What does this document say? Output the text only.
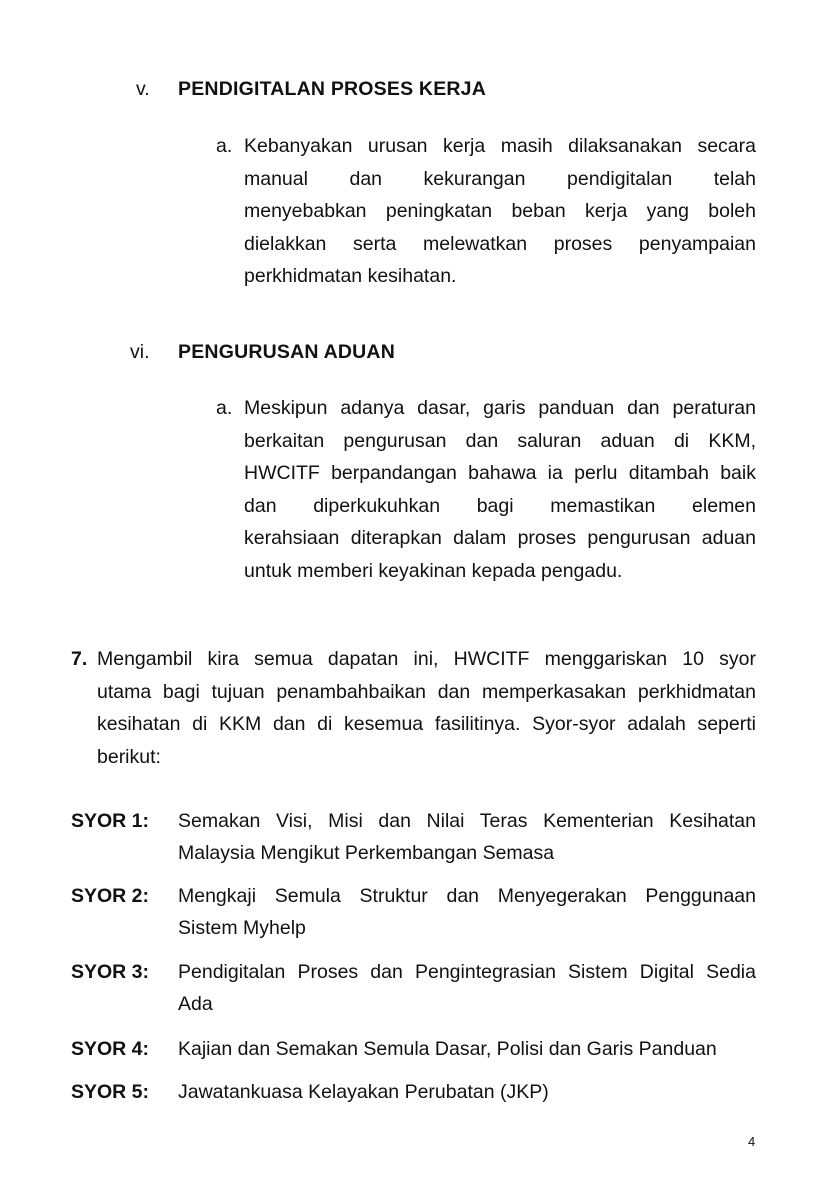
v. PENDIGITALAN PROSES KERJA
a. Kebanyakan urusan kerja masih dilaksanakan secara
manual dan kekurangan pendigitalan telah
menyebabkan peningkatan beban kerja yang boleh
dielakkan serta melewatkan proses penyampaian
perkhidmatan kesihatan.
vi. PENGURUSAN ADUAN
a. Meskipun adanya dasar, garis panduan dan peraturan
berkaitan pengurusan dan saluran aduan di KKM,
HWCITF berpandangan bahawa ia perlu ditambah baik
dan diperkukuhkan bagi memastikan elemen
kerahsiaan diterapkan dalam proses pengurusan aduan
untuk memberi keyakinan kepada pengadu.
7. Mengambil kira semua dapatan ini, HWCITF menggariskan 10 syor
utama bagi tujuan penambahbaikan dan memperkasakan perkhidmatan
kesihatan di KKM dan di kesemua fasilitinya. Syor-syor adalah seperti
berikut:
SYOR 1: Semakan Visi, Misi dan Nilai Teras Kementerian Kesihatan
Malaysia Mengikut Perkembangan Semasa
SYOR 2: Mengkaji Semula Struktur dan Menyegerakan Penggunaan
Sistem Myhelp
SYOR 3: Pendigitalan Proses dan Pengintegrasian Sistem Digital Sedia
Ada
SYOR 4: Kajian dan Semakan Semula Dasar, Polisi dan Garis Panduan
SYOR 5: Jawatankuasa Kelayakan Perubatan (JKP)
4
